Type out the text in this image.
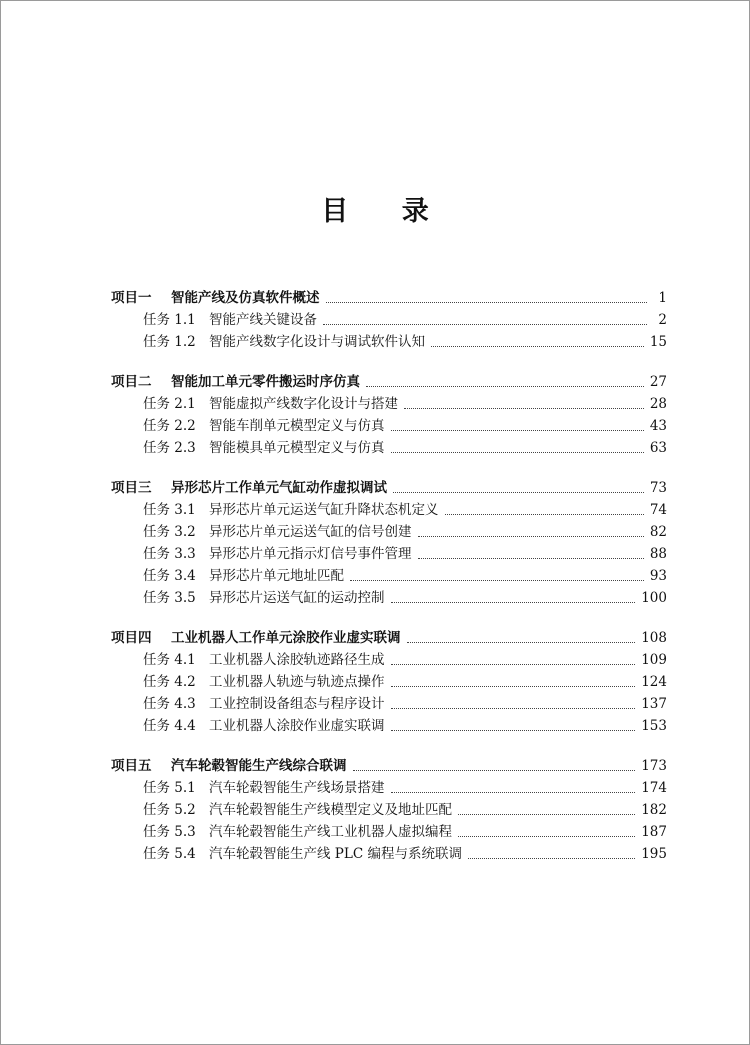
目 录
项目一	智能产线及仿真软件概述	1
任务 1.1 智能产线关键设备	2
任务 1.2 智能产线数字化设计与调试软件认知	15
项目二	智能加工单元零件搬运时序仿真	27
任务 2.1 智能虚拟产线数字化设计与搭建	28
任务 2.2 智能车削单元模型定义与仿真	43
任务 2.3 智能模具单元模型定义与仿真	63
项目三	异形芯片工作单元气缸动作虚拟调试	73
任务 3.1 异形芯片单元运送气缸升降状态机定义	74
任务 3.2 异形芯片单元运送气缸的信号创建	82
任务 3.3 异形芯片单元指示灯信号事件管理	88
任务 3.4 异形芯片单元地址匹配	93
任务 3.5 异形芯片运送气缸的运动控制	100
项目四	工业机器人工作单元涂胶作业虚实联调	108
任务 4.1 工业机器人涂胶轨迹路径生成	109
任务 4.2 工业机器人轨迹与轨迹点操作	124
任务 4.3 工业控制设备组态与程序设计	137
任务 4.4 工业机器人涂胶作业虚实联调	153
项目五	汽车轮毂智能生产线综合联调	173
任务 5.1 汽车轮毂智能生产线场景搭建	174
任务 5.2 汽车轮毂智能生产线模型定义及地址匹配	182
任务 5.3 汽车轮毂智能生产线工业机器人虚拟编程	187
任务 5.4 汽车轮毂智能生产线 PLC 编程与系统联调	195
